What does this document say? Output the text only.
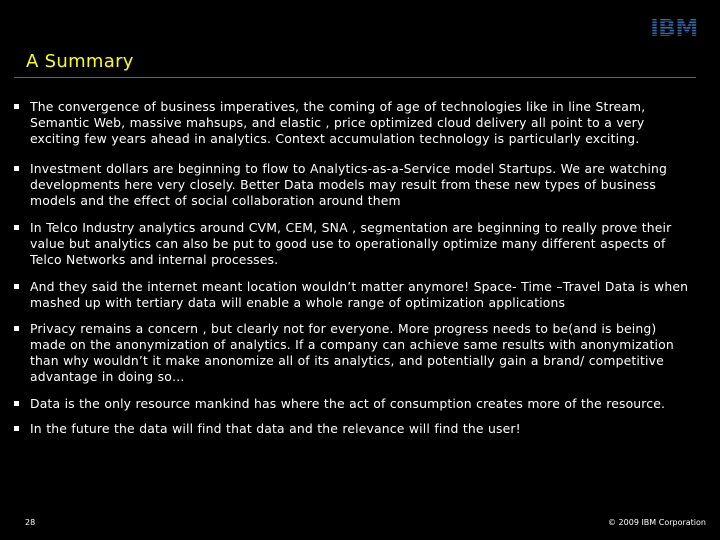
IBM
A Summary
The convergence of business imperatives, the coming of age of technologies like in line Stream, Semantic Web, massive mahsups, and elastic , price optimized cloud delivery all point to a very exciting few years ahead in analytics. Context accumulation technology is particularly exciting.
Investment dollars are beginning to flow to Analytics-as-a-Service model Startups. We are watching developments here very closely. Better Data models may result from these new types of business models and the effect of social collaboration around them
In Telco Industry analytics around CVM, CEM, SNA , segmentation are beginning to really prove their value but analytics can also be put to good use to operationally optimize many different aspects of Telco Networks and internal processes.
And they said the internet meant location wouldn’t matter anymore! Space- Time –Travel Data is when mashed up with tertiary data will enable a whole range of optimization applications
Privacy remains a concern , but clearly not for everyone. More progress needs to be(and is being) made on the anonymization of analytics. If a company can achieve same results with anonymization than why wouldn’t it make anonomize all of its analytics, and potentially gain a brand/ competitive advantage in doing so…
Data is the only resource mankind has where the act of consumption creates more of the resource.
In the future the data will find that data and the relevance will find the user!
28	© 2009 IBM Corporation
